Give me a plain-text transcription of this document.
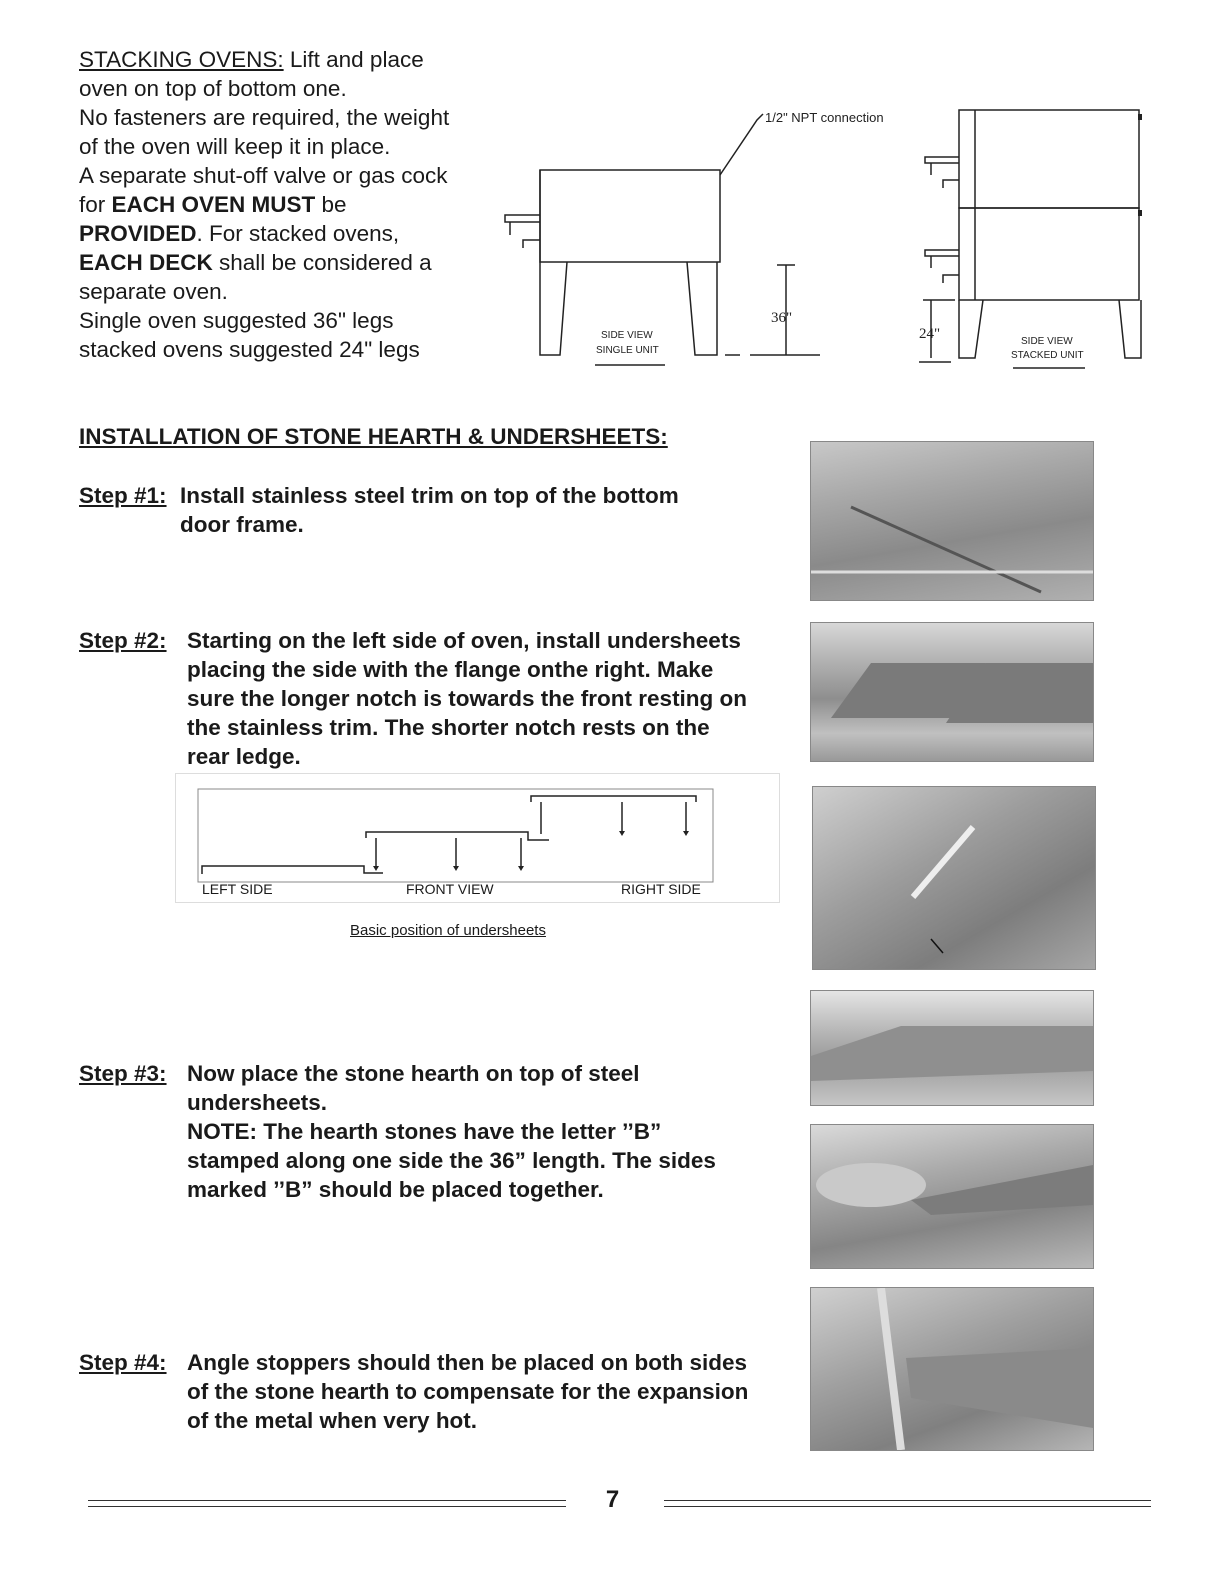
STACKING OVENS: Lift and place
oven on top of bottom one.
No fasteners are required, the weight
of the oven will keep it in place.
A separate shut-off valve or gas cock
for EACH OVEN MUST be
PROVIDED. For stacked ovens,
EACH DECK shall be considered a
separate oven.
Single oven suggested 36" legs
stacked ovens suggested 24" legs
1/2" NPT connection
SIDE VIEW
SINGLE UNIT
36"
24"	SIDE VIEW
STACKED UNIT
INSTALLATION OF STONE HEARTH & UNDERSHEETS:
Step #1: Install stainless steel trim on top of the bottom
door frame.
Step #2: Starting on the left side of oven, install undersheets
placing the side with the flange onthe right. Make
sure the longer notch is towards the front resting on
the stainless trim. The shorter notch rests on the
rear ledge.
LEFT SIDE	FRONT VIEW	RIGHT SIDE
Basic position of undersheets
Step #3: Now place the stone hearth on top of steel
undersheets.
NOTE: The hearth stones have the letter ’’B”
stamped along one side the 36” length. The sides
marked ’’B” should be placed together.
Step #4: Angle stoppers should then be placed on both sides
of the stone hearth to compensate for the expansion
of the metal when very hot.
7
